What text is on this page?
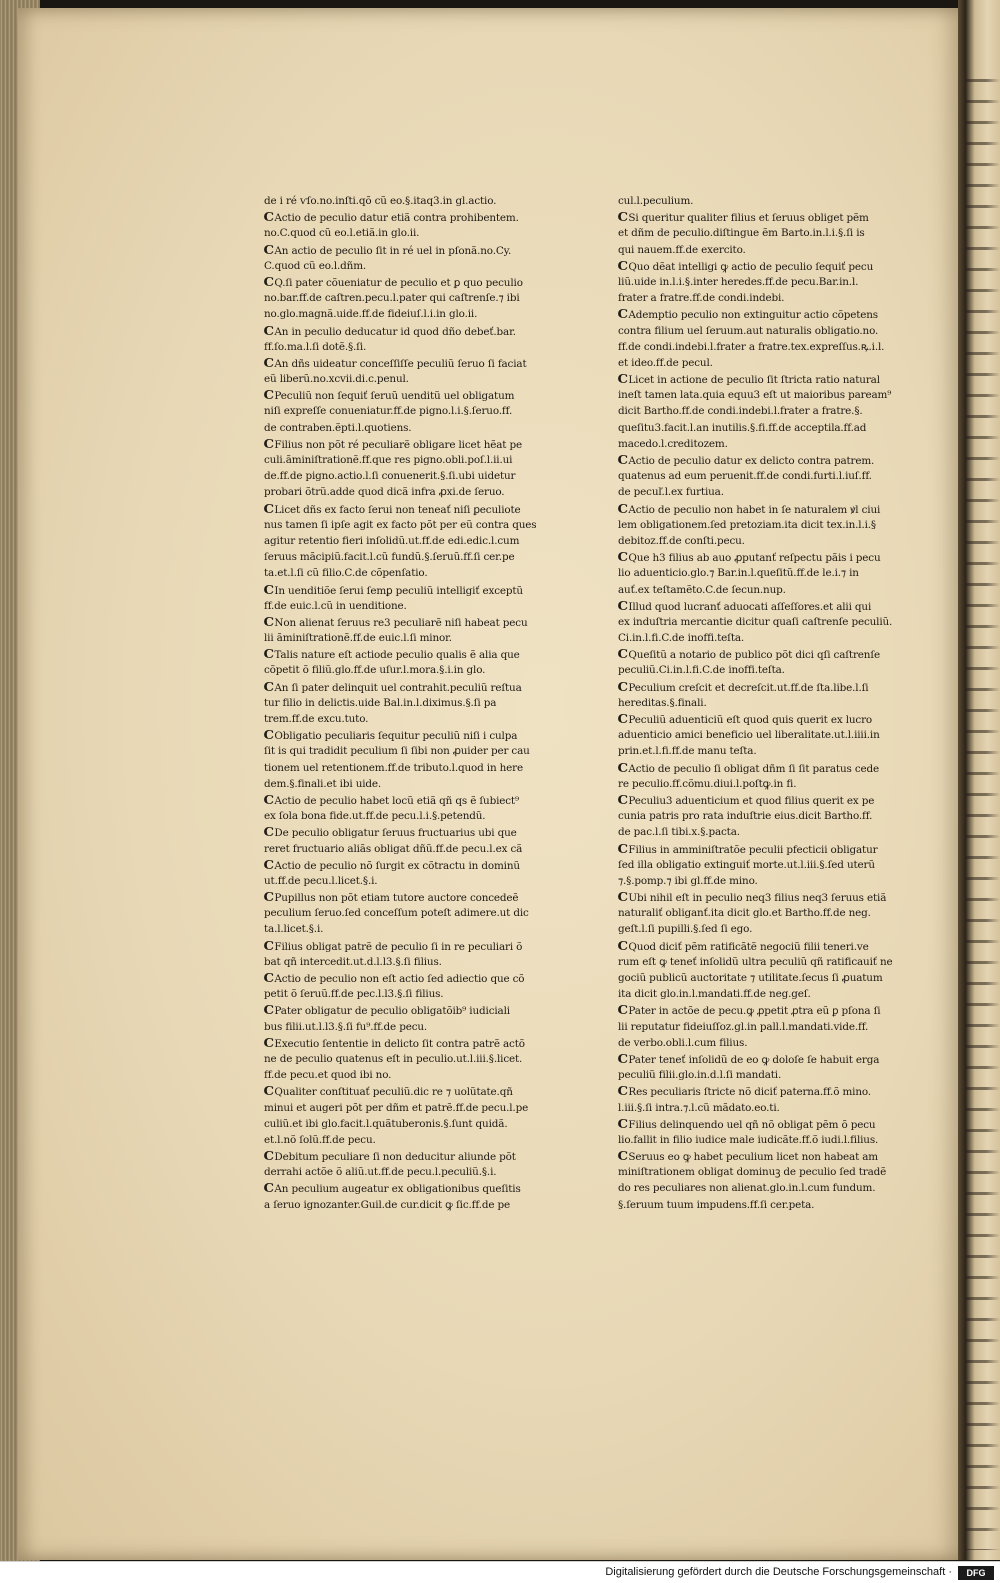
de i ré ⱱſo.no.inſti.qõ cũ eo.§.itaq3.in gl.actio.
C Actio de peculio datur etiã contra prohibentem.
no.C.quod cũ eo.l.etiã.in glo.ii.
C An actio de peculio ſit in ré uel in pſonã.no.Cy.
C.quod cũ eo.l.dñm.
C Q.ſi pater cõueniatur de peculio et ꝑ quo peculio
no.bar.ff.de caſtren.pecu.l.pater qui caſtrenſe.⁊ ibi
no.glo.magnã.uide.ff.de fideiuſ.l.i.in glo.ii.
C An in peculio deducatur id quod dño debeť.bar.
ff.ſo.ma.l.ſi dotẽ.§.ſi.
C An dñs uideatur conceſſiſſe peculiũ ſeruo ſi faciat
eũ liberũ.no.xcvii.di.c.penul.
C Peculiũ non ſequiť ſeruũ uenditũ uel obligatum
niſi expreſſe conueniatur.ff.de pigno.l.i.§.ſeruo.ff.
de contraben.ẽpti.l.quotiens.
C Filius non põt ré peculiarẽ obligare licet hẽat pe
culi.ãminiſtrationẽ.ff.que res pigno.obli.poſ.l.ii.ui
de.ff.de pigno.actio.l.ſi conuenerit.§.ſi.ubi uidetur
probari õtrũ.adde quod dicã infra ꝓxi.de ſeruo.
C Licet dñs ex facto ſerui non teneať niſi ꝑeculiote
nus tamen ſi ipſe agit ex facto põt per eũ contra ques
agitur retentio fieri inſolidũ.ut.ff.de edi.edic.l.cum
ſeruus mãcipiũ.facit.l.cũ fundũ.§.ſeruũ.ff.ſi cer.pe
ta.et.l.ſi cũ filio.C.de cõpenſatio.
C In uenditiõe ſerui ſemꝑ peculiũ intelligiť exceptũ
ff.de euic.l.cũ in uenditione.
C Non alienat ſeruus re3 peculiarẽ niſi habeat pecu
lii ãminiſtrationẽ.ff.de euic.l.ſi minor.
C Talis nature eſt actiode peculio qualis ẽ alia que
cõpetit õ filiũ.glo.ff.de uſur.l.mora.§.i.in glo.
C An ſi pater delinquit uel contrahit.peculiũ reſtua
tur filio in delictis.uide Bal.in.l.diximus.§.ſi pa
trem.ff.de excu.tuto.
C Obligatio peculiaris ſequitur peculiũ niſi i culpa
ſit is qui tradidit peculium ſi ſibi non ꝓuider per cau
tionem uel retentionem.ff.de tributo.l.quod in here
dem.§.finali.et ibi uide.
C Actio de peculio habet locũ etiã qñ qs ẽ ſubiect⁹
ex ſola bona fide.ut.ff.de pecu.l.i.§.petendũ.
C De peculio obligatur ſeruus fructuarius ubi que
reret fructuario aliãs obligat dñũ.ff.de pecu.l.ex cã
C Actio de peculio nõ ſurgit ex cõtractu in dominũ
ut.ff.de pecu.l.licet.§.i.
C Pupillus non põt etiam tutore auctore concedeẽ
peculium ſeruo.ſed conceſſum poteſt adimere.ut dic
ta.l.licet.§.i.
C Filius obligat patrẽ de peculio ſi in re peculiari õ
bat qñ intercedit.ut.d.l.l3.§.ſi filius.
C Actio de peculio non eſt actio ſed adiectio que cõ
petit õ ſeruũ.ff.de pec.l.l3.§.ſi filius.
C Pater obligatur de peculio obligatõib⁹ iudiciali
bus filii.ut.l.l3.§.ſi fu⁹.ff.de pecu.
C Executio ſententie in delicto ſit contra patrẽ actõ
ne de peculio quatenus eſt in peculio.ut.l.iii.§.licet.
ff.de pecu.et quod ibi no.
C Qualiter conſtituať peculiũ.dic re ⁊ uolũtate.qñ
minui et augeri põt per dñm et patrẽ.ff.de pecu.l.pe
culiũ.et ibi glo.facit.l.quãtuberonis.§.ſunt quidã.
et.l.nõ ſolũ.ff.de pecu.
C Debitum peculiare ſi non deducitur aliunde põt
derrahi actõe õ aliũ.ut.ff.de pecu.l.peculiũ.§.i.
C An peculium augeatur ex obligationibus queſitis
a ſeruo ignozanter.Guil.de cur.dicit ꝙ ſic.ff.de pe
cul.l.peculium.
C Si queritur qualiter filius et ſeruus obliget pẽm
et dñm de peculio.diſtingue ẽm Barto.in.l.i.§.ſi is
qui nauem.ff.de exercito.
C Quo dẽat intelligi ꝙ actio de peculio ſequiť pecu
liũ.uide in.l.i.§.inter heredes.ff.de pecu.Bar.in.l.
frater a fratre.ff.de condi.indebi.
C Ademptio peculio non extinguitur actio cõpetens
contra filium uel ſeruum.aut naturalis obligatio.no.
ff.de condi.indebi.l.frater a fratre.tex.expreſſus.ꝶ.i.l.
et ideo.ff.de pecul.
C Licet in actione de peculio ſit ſtricta ratio natural
ineſt tamen lata.quia equu3 eſt ut maioribus paream⁹
dicit Bartho.ff.de condi.indebi.l.frater a fratre.§.
queſitu3.facit.l.an inutilis.§.fi.ff.de acceptila.ff.ad
macedo.l.creditozem.
C Actio de peculio datur ex delicto contra patrem.
quatenus ad eum peruenit.ff.de condi.furti.l.iuſ.ff.
de pecuľ.l.ex furtiua.
C Actio de peculio non habet in ſe naturalem ꝟl ciui
lem obligationem.ſed pretoziam.ita dicit tex.in.l.i.§
debitoz.ff.de conſti.pecu.
C Que h3 filius ab auo ꝓputanť reſpectu pãis i pecu
lio aduenticio.glo.⁊ Bar.in.l.queſitũ.ff.de le.i.⁊ in
auť.ex teſtamẽto.C.de ſecun.nup.
C Illud quod lucranť aduocati aſſeſſores.et alii qui
ex induſtria mercantie dicitur quaſi caſtrenſe peculiũ.
Ci.in.l.fi.C.de inoffi.teſta.
C Queſitũ a notario de publico põt dici qſi caſtrenſe
peculiũ.Ci.in.l.fi.C.de inoffi.teſta.
C Peculium creſcit et decreſcit.ut.ff.de ſta.libe.l.ſi
hereditas.§.finali.
C Peculiũ aduenticiũ eſt quod quis querit ex lucro
aduenticio amici beneficio uel liberalitate.ut.l.iiii.in
prin.et.l.fi.ff.de manu teſta.
C Actio de peculio ſi obligat dñm ſi ſit paratus cede
re peculio.ff.cõmu.diui.l.poſtꝙ.in fi.
C Peculiu3 aduenticium et quod filius querit ex pe
cunia patris pro rata induſtrie eius.dicit Bartho.ff.
de pac.l.ſi tibi.x.§.pacta.
C Filius in amminiſtratõe peculii pfecticii obligatur
ſed illa obligatio extinguiť morte.ut.l.iii.§.ſed uterũ
⁊.§.pomp.⁊ ibi gl.ff.de mino.
C Ubi nihil eſt in peculio neq3 filius neq3 ſeruus etiã
naturaliť obliganť.ita dicit glo.et Bartho.ff.de neg.
geſt.l.ſi pupilli.§.ſed ſi ego.
C Quod diciť pẽm ratificãtẽ negociũ filii teneri.ve
rum eſt ꝙ teneť inſolidũ ultra peculiũ qñ ratificauiť ne
gociũ publicũ auctoritate ⁊ utilitate.ſecus ſi ꝓuatum
ita dicit glo.in.l.mandati.ff.de neg.geſ.
C Pater in actõe de pecu.ꝙ ꝓpetit ꝓtra eũ ꝑ pſona ſi
lii reputatur fideiuſſoz.gl.in pall.l.mandati.vide.ff.
de verbo.obli.l.cum filius.
C Pater teneť inſolidũ de eo ꝙ doloſe ſe habuit erga
peculiũ filii.glo.in.d.l.ſi mandati.
C Res peculiaris ſtricte nõ diciť paterna.ff.õ mino.
l.iii.§.ſi intra.⁊.l.cũ mãdato.eo.ti.
C Filius delinquendo uel qñ nõ obligat pẽm õ pecu
lio.fallit in filio iudice male iudicãte.ff.õ iudi.l.filius.
C Seruus eo ꝙ habet peculium licet non habeat am
miniſtrationem obligat dominuꝫ de peculio ſed tradẽ
do res peculiares non alienat.glo.in.l.cum fundum.
§.ſeruum tuum impudens.ff.ſi cer.peta.
Digitalisierung gefördert durch die Deutsche Forschungsgemeinschaft ·	DFG
